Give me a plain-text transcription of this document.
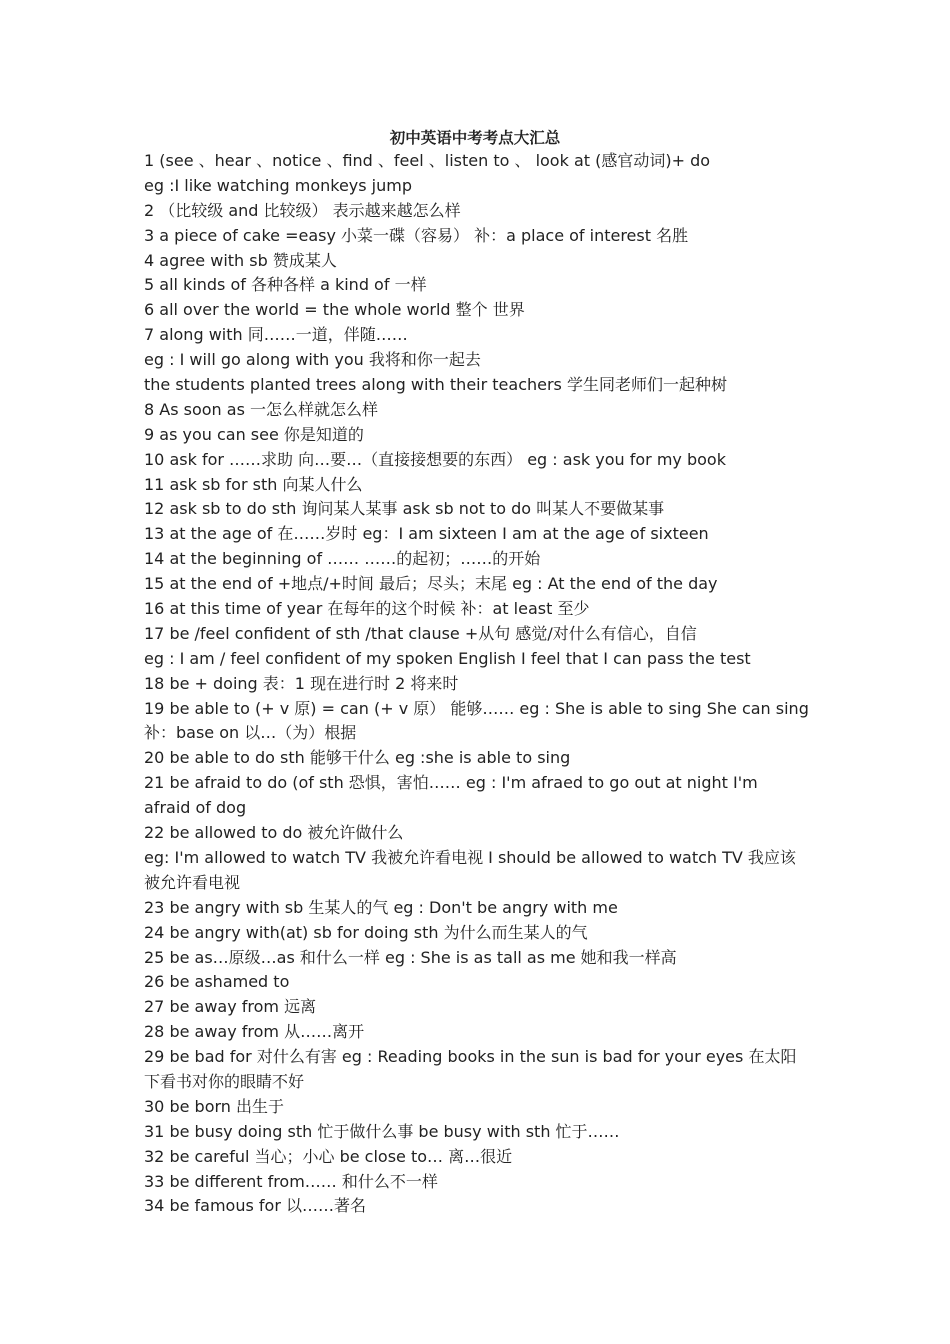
初中英语中考考点大汇总
1 (see 、hear 、notice 、find 、feel 、listen to 、 look at (感官动词)+ do
eg :I like watching monkeys jump
2 （比较级 and 比较级） 表示越来越怎么样
3 a piece of cake =easy 小菜一碟（容易） 补：a place of interest 名胜
4 agree with sb 赞成某人
5 all kinds of 各种各样 a kind of 一样
6 all over the world = the whole world 整个 世界
7 along with 同……一道，伴随……
eg : I will go along with you 我将和你一起去
the students planted trees along with their teachers 学生同老师们一起种树
8 As soon as 一怎么样就怎么样
9 as you can see 你是知道的
10 ask for ……求助 向…要…（直接接想要的东西） eg : ask you for my book
11 ask sb for sth 向某人什么
12 ask sb to do sth 询问某人某事 ask sb not to do 叫某人不要做某事
13 at the age of 在……岁时 eg：I am sixteen I am at the age of sixteen
14 at the beginning of …… ……的起初；……的开始
15 at the end of +地点/+时间 最后；尽头；末尾 eg : At the end of the day
16 at this time of year 在每年的这个时候 补：at least 至少
17 be /feel confident of sth /that clause +从句 感觉/对什么有信心，自信
eg : I am / feel confident of my spoken English I feel that I can pass the test
18 be + doing 表：1 现在进行时 2 将来时
19 be able to (+ v 原) = can (+ v 原） 能够…… eg : She is able to sing She can sing
补：base on 以…（为）根据
20 be able to do sth 能够干什么 eg :she is able to sing
21 be afraid to do (of sth 恐惧，害怕…… eg : I'm afraed to go out at night I'm
afraid of dog
22 be allowed to do 被允许做什么
eg: I'm allowed to watch TV 我被允许看电视 I should be allowed to watch TV 我应该
被允许看电视
23 be angry with sb 生某人的气 eg : Don't be angry with me
24 be angry with(at) sb for doing sth 为什么而生某人的气
25 be as…原级…as 和什么一样 eg : She is as tall as me 她和我一样高
26 be ashamed to
27 be away from 远离
28 be away from 从……离开
29 be bad for 对什么有害 eg : Reading books in the sun is bad for your eyes 在太阳
下看书对你的眼睛不好
30 be born 出生于
31 be busy doing sth 忙于做什么事 be busy with sth 忙于……
32 be careful 当心；小心 be close to… 离…很近
33 be different from…… 和什么不一样
34 be famous for 以……著名
